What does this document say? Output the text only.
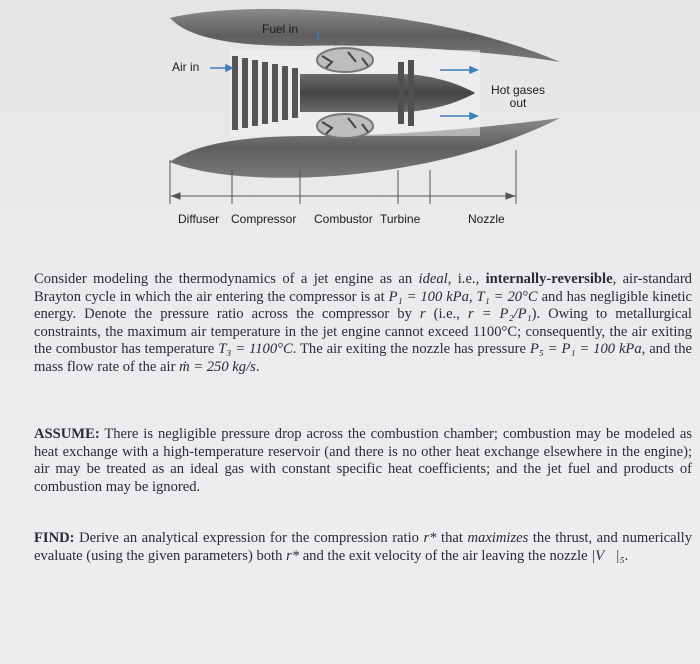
Fuel in
Air in
Hot gases out
Diffuser Compressor Combustor Turbine	Nozzle
Consider modeling the thermodynamics of a jet engine as an ideal, i.e., internally-reversible, air-standard Brayton cycle in which the air entering the compressor is at P₁ = 100 kPa, T₁ = 20°C and has negligible kinetic energy. Denote the pressure ratio across the compressor by r (i.e., r = P₂/P₁). Owing to metallurgical constraints, the maximum air temperature in the jet engine cannot exceed 1100°C; consequently, the air exiting the combustor has temperature T₃ = 1100°C. The air exiting the nozzle has pressure P₅ = P₁ = 100 kPa, and the mass flow rate of the air ṁ = 250 kg/s.
ASSUME: There is negligible pressure drop across the combustion chamber; combustion may be modeled as heat exchange with a high-temperature reservoir (and there is no other heat exchange elsewhere in the engine); air may be treated as an ideal gas with constant specific heat coefficients; and the jet fuel and products of combustion may be ignored.
FIND: Derive an analytical expression for the compression ratio r* that maximizes the thrust, and numerically evaluate (using the given parameters) both r* and the exit velocity of the air leaving the nozzle |V⃗|₅.
